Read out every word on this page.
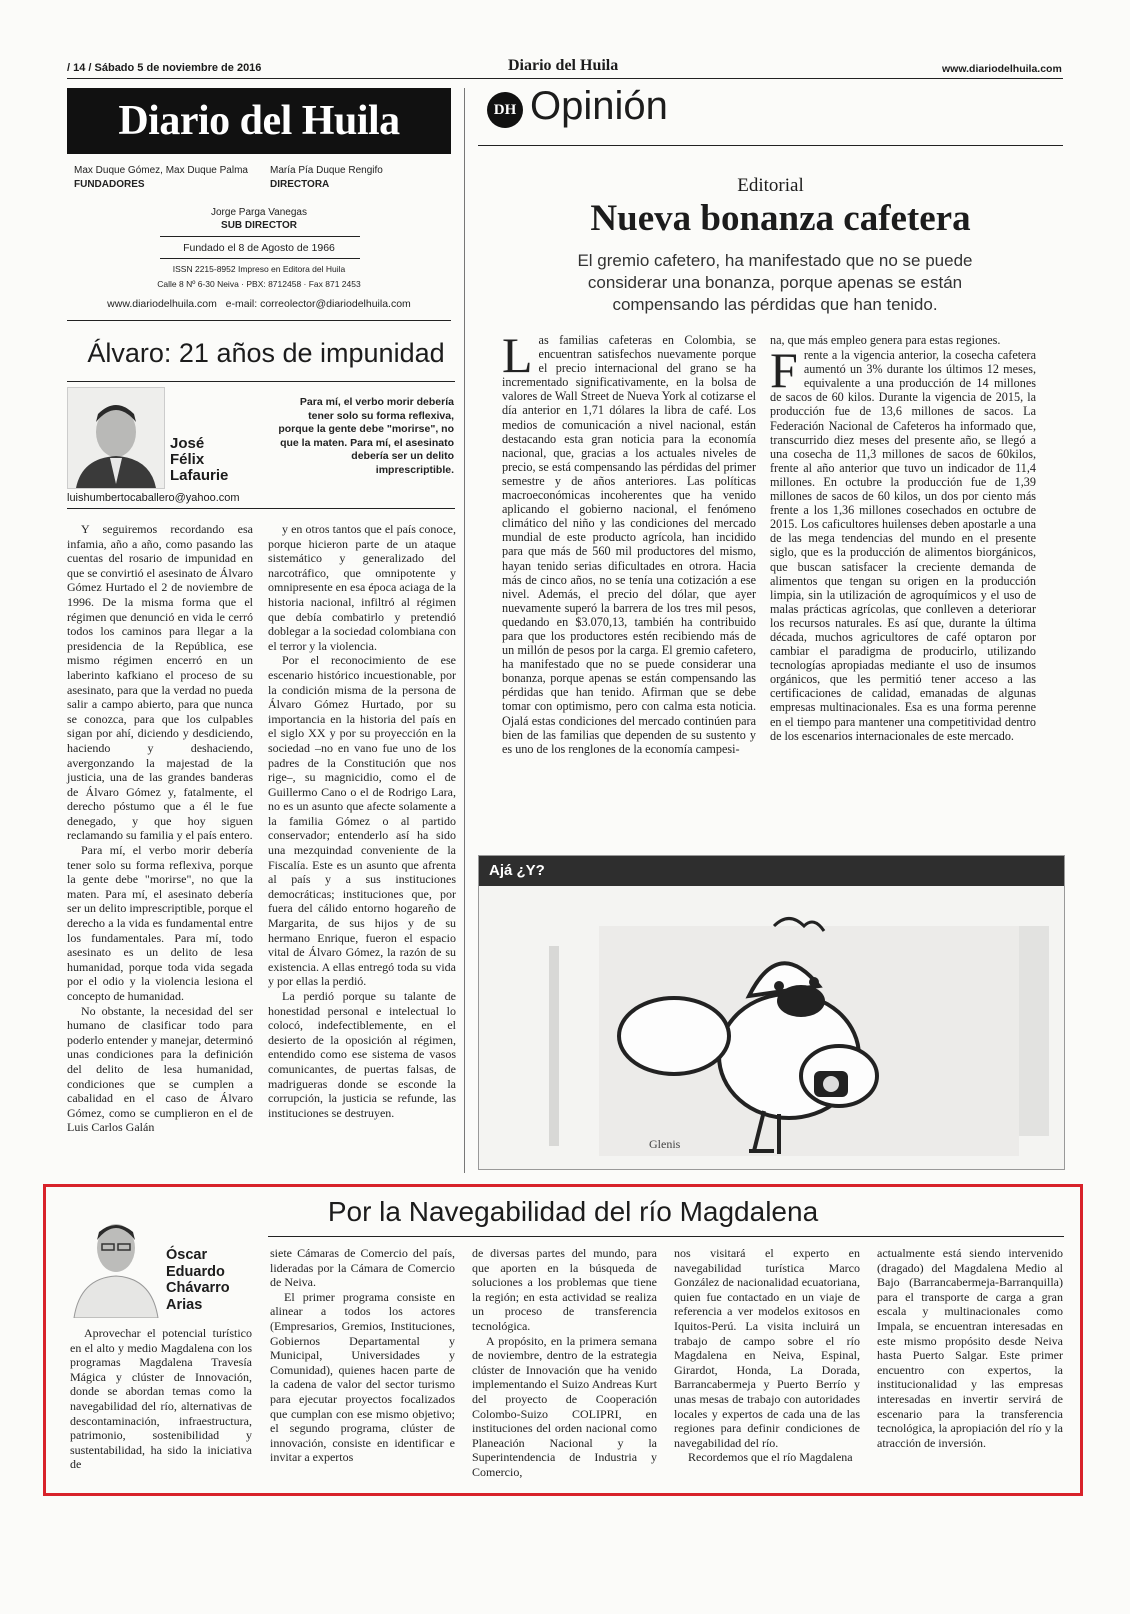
/ 14 / Sábado 5 de noviembre de 2016	Diario del Huila	www.diariodelhuila.com
Diario del Huila
Max Duque Gómez, Max Duque Palma
FUNDADORES
María Pía Duque Rengifo
DIRECTORA
Jorge Parga Vanegas
SUB DIRECTOR
Fundado el 8 de Agosto de 1966
ISSN 2215-8952 Impreso en Editora del Huila
Calle 8 Nº 6-30 Neiva · PBX: 8712458 · Fax 871 2453
www.diariodelhuila.com e-mail: correolector@diariodelhuila.com
DH Opinión
Editorial
Nueva bonanza cafetera
El gremio cafetero, ha manifestado que no se puede considerar una bonanza, porque apenas se están compensando las pérdidas que han tenido.
Las familias cafeteras en Colombia, se encuentran satisfechos nuevamente porque el precio internacional del grano se ha incrementado significativamente, en la bolsa de valores de Wall Street de Nueva York al cotizarse el día anterior en 1,71 dólares la libra de café. Los medios de comunicación a nivel nacional, están destacando esta gran noticia para la economía nacional, que, gracias a los actuales niveles de precio, se está compensando las pérdidas del primer semestre y de años anteriores. Las políticas macroeconómicas incoherentes que ha venido aplicando el gobierno nacional, el fenómeno climático del niño y las condiciones del mercado mundial de este producto agrícola, han incidido para que más de 560 mil productores del mismo, hayan tenido serias dificultades en otrora. Hacia más de cinco años, no se tenía una cotización a ese nivel. Además, el precio del dólar, que ayer nuevamente superó la barrera de los tres mil pesos, quedando en $3.070,13, también ha contribuido para que los productores estén recibiendo más de un millón de pesos por la carga. El gremio cafetero, ha manifestado que no se puede considerar una bonanza, porque apenas se están compensando las pérdidas que han tenido. Afirman que se debe tomar con optimismo, pero con calma esta noticia. Ojalá estas condiciones del mercado continúen para bien de las familias que dependen de su sustento y es uno de los renglones de la economía campesi-
na, que más empleo genera para estas regiones.
Frente a la vigencia anterior, la cosecha cafetera aumentó un 3% durante los últimos 12 meses, equivalente a una producción de 14 millones de sacos de 60 kilos. Durante la vigencia de 2015, la producción fue de 13,6 millones de sacos. La Federación Nacional de Cafeteros ha informado que, transcurrido diez meses del presente año, se llegó a una cosecha de 11,3 millones de sacos de 60kilos, frente al año anterior que tuvo un indicador de 11,4 millones. En octubre la producción fue de 1,39 millones de sacos de 60 kilos, un dos por ciento más frente a los 1,36 millones cosechados en octubre de 2015. Los caficultores huilenses deben apostarle a una de las mega tendencias del mundo en el presente siglo, que es la producción de alimentos biorgánicos, que buscan satisfacer la creciente demanda de alimentos que tengan su origen en la producción limpia, sin la utilización de agroquímicos y el uso de malas prácticas agrícolas, que conlleven a deteriorar los recursos naturales. Es así que, durante la última década, muchos agricultores de café optaron por cambiar el paradigma de producirlo, utilizando tecnologías apropiadas mediante el uso de insumos orgánicos, que les permitió tener acceso a las certificaciones de calidad, emanadas de algunas empresas multinacionales. Esa es una forma perenne en el tiempo para mantener una competitividad dentro de los escenarios internacionales de este mercado.
Álvaro: 21 años de impunidad
José
Félix
Lafaurie
Para mí, el verbo morir debería tener solo su forma reflexiva, porque la gente debe "morirse", no que la maten. Para mí, el asesinato debería ser un delito imprescriptible.
luishumbertocaballero@yahoo.com

Y seguiremos recordando esa infamia, año a año, como pasando las cuentas del rosario de impunidad en que se convirtió el asesinato de Álvaro Gómez Hurtado el 2 de noviembre de 1996. De la misma forma que el régimen que denunció en vida le cerró todos los caminos para llegar a la presidencia de la República, ese mismo régimen encerró en un laberinto kafkiano el proceso de su asesinato, para que la verdad no pueda salir a campo abierto, para que nunca se conozca, para que los culpables sigan por ahí, diciendo y desdiciendo, haciendo y deshaciendo, avergonzando la majestad de la justicia, una de las grandes banderas de Álvaro Gómez y, fatalmente, el derecho póstumo que a él le fue denegado, y que hoy siguen reclamando su familia y el país entero.

Para mí, el verbo morir debería tener solo su forma reflexiva, porque la gente debe "morirse", no que la maten. Para mí, el asesinato debería ser un delito imprescriptible, porque el derecho a la vida es fundamental entre los fundamentales. Para mí, todo asesinato es un delito de lesa humanidad, porque toda vida segada por el odio y la violencia lesiona el concepto de humanidad.

No obstante, la necesidad del ser humano de clasificar todo para poderlo entender y manejar, determinó unas condiciones para la definición del delito de lesa humanidad, condiciones que se cumplen a cabalidad en el caso de Álvaro Gómez, como se cumplieron en el de Luis Carlos Galán

y en otros tantos que el país conoce, porque hicieron parte de un ataque sistemático y generalizado del narcotráfico, que omnipotente y omnipresente en esa época aciaga de la historia nacional, infiltró al régimen que debía combatirlo y pretendió doblegar a la sociedad colombiana con el terror y la violencia.

Por el reconocimiento de ese escenario histórico incuestionable, por la condición misma de la persona de Álvaro Gómez Hurtado, por su importancia en la historia del país en el siglo XX y por su proyección en la sociedad –no en vano fue uno de los padres de la Constitución que nos rige–, su magnicidio, como el de Guillermo Cano o el de Rodrigo Lara, no es un asunto que afecte solamente a la familia Gómez o al partido conservador; entenderlo así ha sido una mezquindad conveniente de la Fiscalía. Este es un asunto que afrenta al país y a sus instituciones democráticas; instituciones que, por fuera del cálido entorno hogareño de Margarita, de sus hijos y de su hermano Enrique, fueron el espacio vital de Álvaro Gómez, la razón de su existencia. A ellas entregó toda su vida y por ellas la perdió.

La perdió porque su talante de honestidad personal e intelectual lo colocó, indefectiblemente, en el desierto de la oposición al régimen, entendido como ese sistema de vasos comunicantes, de puertas falsas, de madrigueras donde se esconde la corrupción, la justicia se refunde, las instituciones se destruyen.

Ajá ¿Y?
Glenis
Por la Navegabilidad del río Magdalena
Óscar
Eduardo
Chávarro
Arias

Aprovechar el potencial turístico en el alto y medio Magdalena con los programas Magdalena Travesía Mágica y clúster de Innovación, donde se abordan temas como la navegabilidad del río, alternativas de descontaminación, infraestructura, patrimonio, sostenibilidad y sustentabilidad, ha sido la iniciativa de

siete Cámaras de Comercio del país, lideradas por la Cámara de Comercio de Neiva.

El primer programa consiste en alinear a todos los actores (Empresarios, Gremios, Instituciones, Gobiernos Departamental y Municipal, Universidades y Comunidad), quienes hacen parte de la cadena de valor del sector turismo para ejecutar proyectos focalizados que cumplan con ese mismo objetivo; el segundo programa, clúster de innovación, consiste en identificar e invitar a expertos

de diversas partes del mundo, para que aporten en la búsqueda de soluciones a los problemas que tiene la región; en esta actividad se realiza un proceso de transferencia tecnológica.

A propósito, en la primera semana de noviembre, dentro de la estrategia clúster de Innovación que ha venido implementando el Suizo Andreas Kurt del proyecto de Cooperación Colombo-Suizo COLIPRI, en instituciones del orden nacional como Planeación Nacional y la Superintendencia de Industria y Comercio,

nos visitará el experto en navegabilidad turística Marco González de nacionalidad ecuatoriana, quien fue contactado en un viaje de referencia a ver modelos exitosos en Iquitos-Perú. La visita incluirá un trabajo de campo sobre el río Magdalena en Neiva, Espinal, Girardot, Honda, La Dorada, Barrancabermeja y Puerto Berrío y unas mesas de trabajo con autoridades locales y expertos de cada una de las regiones para definir condiciones de navegabilidad del río.

Recordemos que el río Magdalena

actualmente está siendo intervenido (dragado) del Magdalena Medio al Bajo (Barrancabermeja-Barranquilla) para el transporte de carga a gran escala y multinacionales como Impala, se encuentran interesadas en este mismo propósito desde Neiva hasta Puerto Salgar. Este primer encuentro con expertos, la institucionalidad y las empresas interesadas en invertir servirá de escenario para la transferencia tecnológica, la apropiación del río y la atracción de inversión.
